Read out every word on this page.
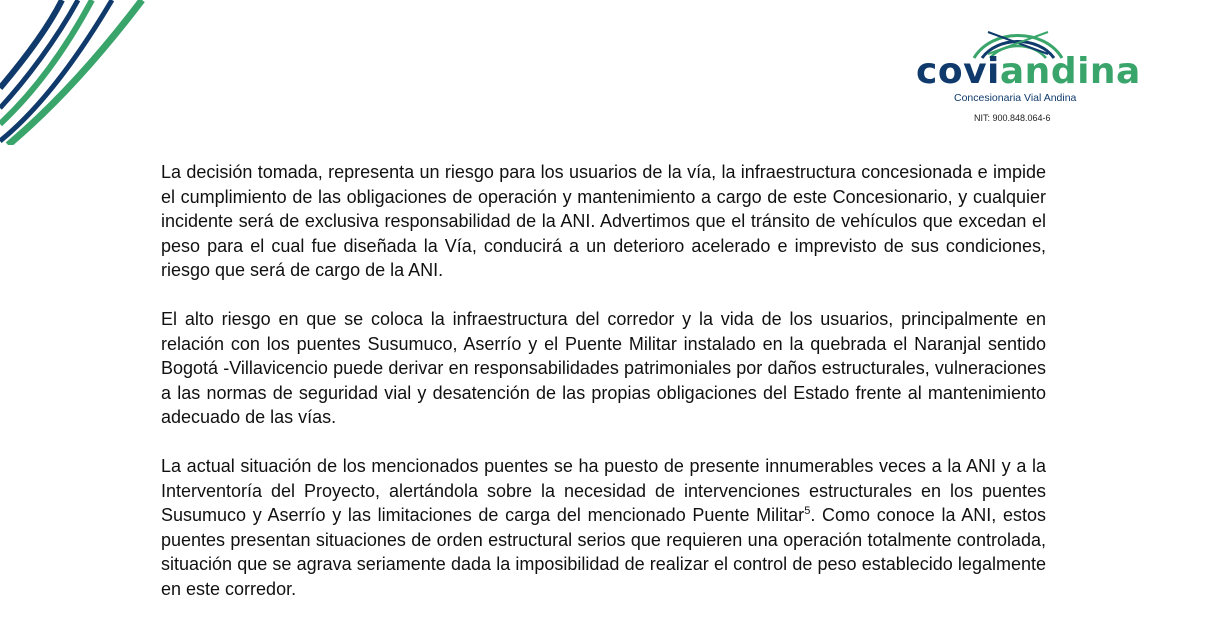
coviandina
Concesionaria Vial Andina
NIT: 900.848.064-6

La decisión tomada, representa un riesgo para los usuarios de la vía, la infraestructura concesionada e impide el cumplimiento de las obligaciones de operación y mantenimiento a cargo de este Concesionario, y cualquier incidente será de exclusiva responsabilidad de la ANI. Advertimos que el tránsito de vehículos que excedan el peso para el cual fue diseñada la Vía, conducirá a un deterioro acelerado e imprevisto de sus condiciones, riesgo que será de cargo de la ANI.

El alto riesgo en que se coloca la infraestructura del corredor y la vida de los usuarios, principalmente en relación con los puentes Susumuco, Aserrío y el Puente Militar instalado en la quebrada el Naranjal sentido Bogotá -Villavicencio puede derivar en responsabilidades patrimoniales por daños estructurales, vulneraciones a las normas de seguridad vial y desatención de las propias obligaciones del Estado frente al mantenimiento adecuado de las vías.

La actual situación de los mencionados puentes se ha puesto de presente innumerables veces a la ANI y a la Interventoría del Proyecto, alertándola sobre la necesidad de intervenciones estructurales en los puentes Susumuco y Aserrío y las limitaciones de carga del mencionado Puente Militar$^5$. Como conoce la ANI, estos puentes presentan situaciones de orden estructural serios que requieren una operación totalmente controlada, situación que se agrava seriamente dada la imposibilidad de realizar el control de peso establecido legalmente en este corredor.
